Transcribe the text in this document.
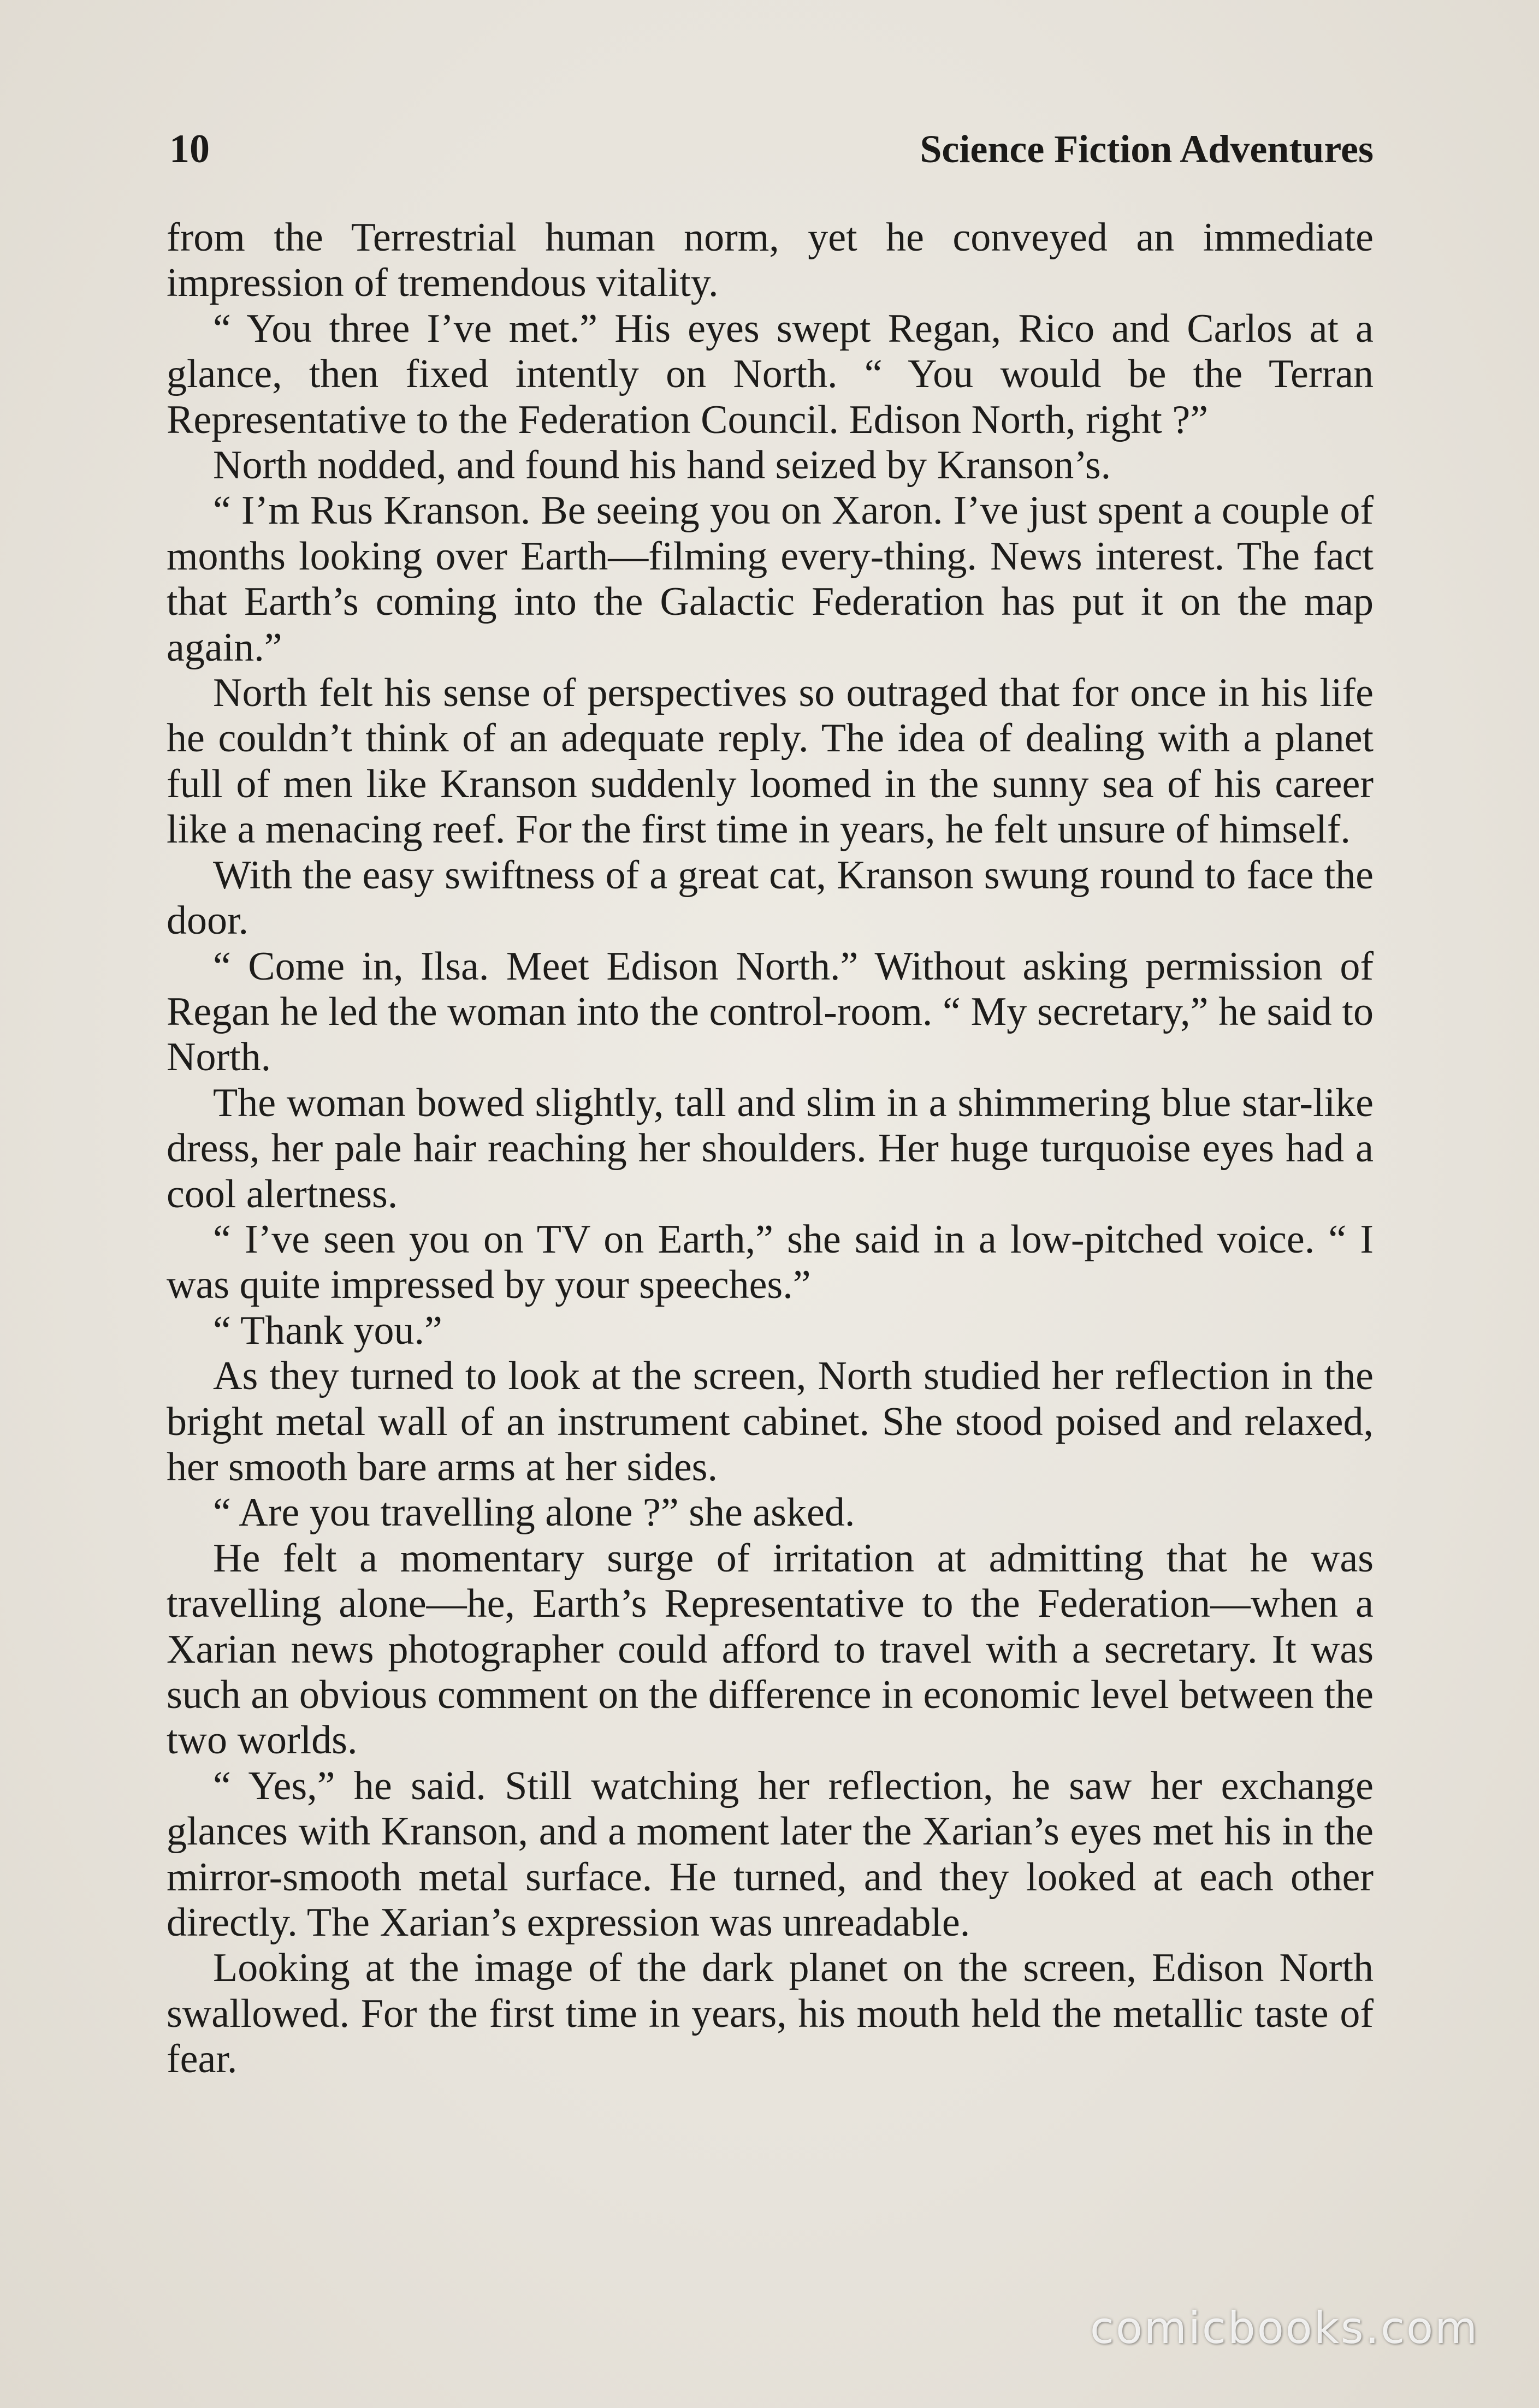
10	Science Fiction Adventures

from the Terrestrial human norm, yet he conveyed an immediate impression of tremendous vitality.

“ You three I’ve met.” His eyes swept Regan, Rico and Carlos at a glance, then fixed intently on North. “ You would be the Terran Representative to the Federation Council. Edison North, right ?”

North nodded, and found his hand seized by Kranson’s.

“ I’m Rus Kranson. Be seeing you on Xaron. I’ve just spent a couple of months looking over Earth—filming every-thing. News interest. The fact that Earth’s coming into the Galactic Federation has put it on the map again.”

North felt his sense of perspectives so outraged that for once in his life he couldn’t think of an adequate reply. The idea of dealing with a planet full of men like Kranson suddenly loomed in the sunny sea of his career like a menacing reef. For the first time in years, he felt unsure of himself.

With the easy swiftness of a great cat, Kranson swung round to face the door.

“ Come in, Ilsa. Meet Edison North.” Without asking permission of Regan he led the woman into the control-room. “ My secretary,” he said to North.

The woman bowed slightly, tall and slim in a shimmering blue star-like dress, her pale hair reaching her shoulders. Her huge turquoise eyes had a cool alertness.

“ I’ve seen you on TV on Earth,” she said in a low-pitched voice. “ I was quite impressed by your speeches.”

“ Thank you.”

As they turned to look at the screen, North studied her reflection in the bright metal wall of an instrument cabinet. She stood poised and relaxed, her smooth bare arms at her sides.

“ Are you travelling alone ?” she asked.

He felt a momentary surge of irritation at admitting that he was travelling alone—he, Earth’s Representative to the Federation—when a Xarian news photographer could afford to travel with a secretary. It was such an obvious comment on the difference in economic level between the two worlds.

“ Yes,” he said. Still watching her reflection, he saw her exchange glances with Kranson, and a moment later the Xarian’s eyes met his in the mirror-smooth metal surface. He turned, and they looked at each other directly. The Xarian’s expression was unreadable.

Looking at the image of the dark planet on the screen, Edison North swallowed. For the first time in years, his mouth held the metallic taste of fear.

comicbooks.com
